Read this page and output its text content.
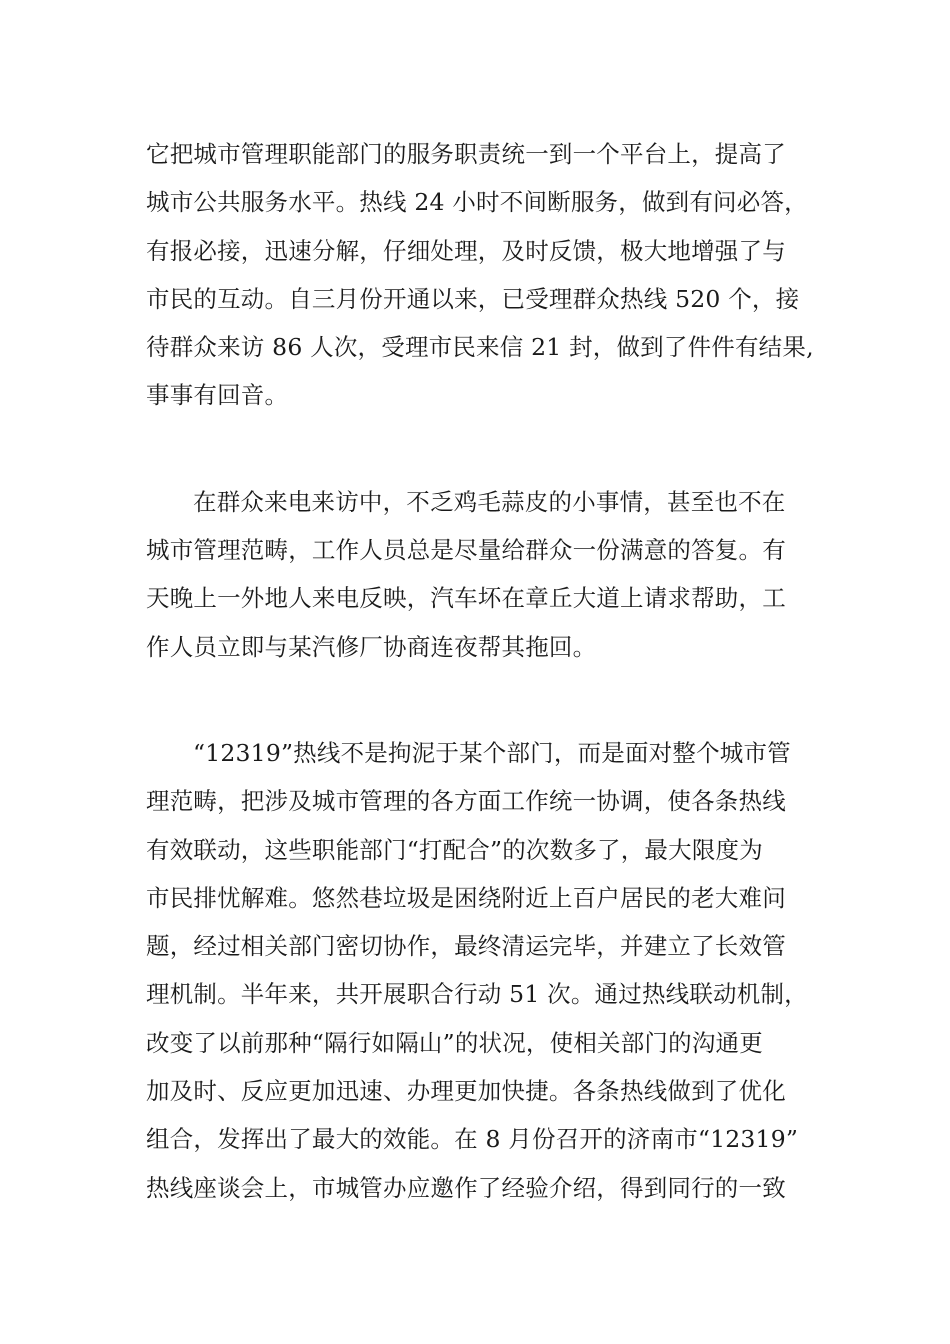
它把城市管理职能部门的服务职责统一到一个平台上，提高了
城市公共服务水平。热线 24 小时不间断服务，做到有问必答，
有报必接，迅速分解，仔细处理，及时反馈，极大地增强了与
市民的互动。自三月份开通以来，已受理群众热线 520 个，接
待群众来访 86 人次，受理市民来信 21 封，做到了件件有结果,
事事有回音。
在群众来电来访中，不乏鸡毛蒜皮的小事情，甚至也不在
城市管理范畴，工作人员总是尽量给群众一份满意的答复。有
天晚上一外地人来电反映，汽车坏在章丘大道上请求帮助，工
作人员立即与某汽修厂协商连夜帮其拖回。
“12319”热线不是拘泥于某个部门，而是面对整个城市管
理范畴，把涉及城市管理的各方面工作统一协调，使各条热线
有效联动，这些职能部门“打配合”的次数多了，最大限度为
市民排忧解难。悠然巷垃圾是困绕附近上百户居民的老大难问
题，经过相关部门密切协作，最终清运完毕，并建立了长效管
理机制。半年来，共开展职合行动 51 次。通过热线联动机制，
改变了以前那种“隔行如隔山”的状况，使相关部门的沟通更
加及时、反应更加迅速、办理更加快捷。各条热线做到了优化
组合，发挥出了最大的效能。在 8 月份召开的济南市“12319”
热线座谈会上，市城管办应邀作了经验介绍，得到同行的一致
